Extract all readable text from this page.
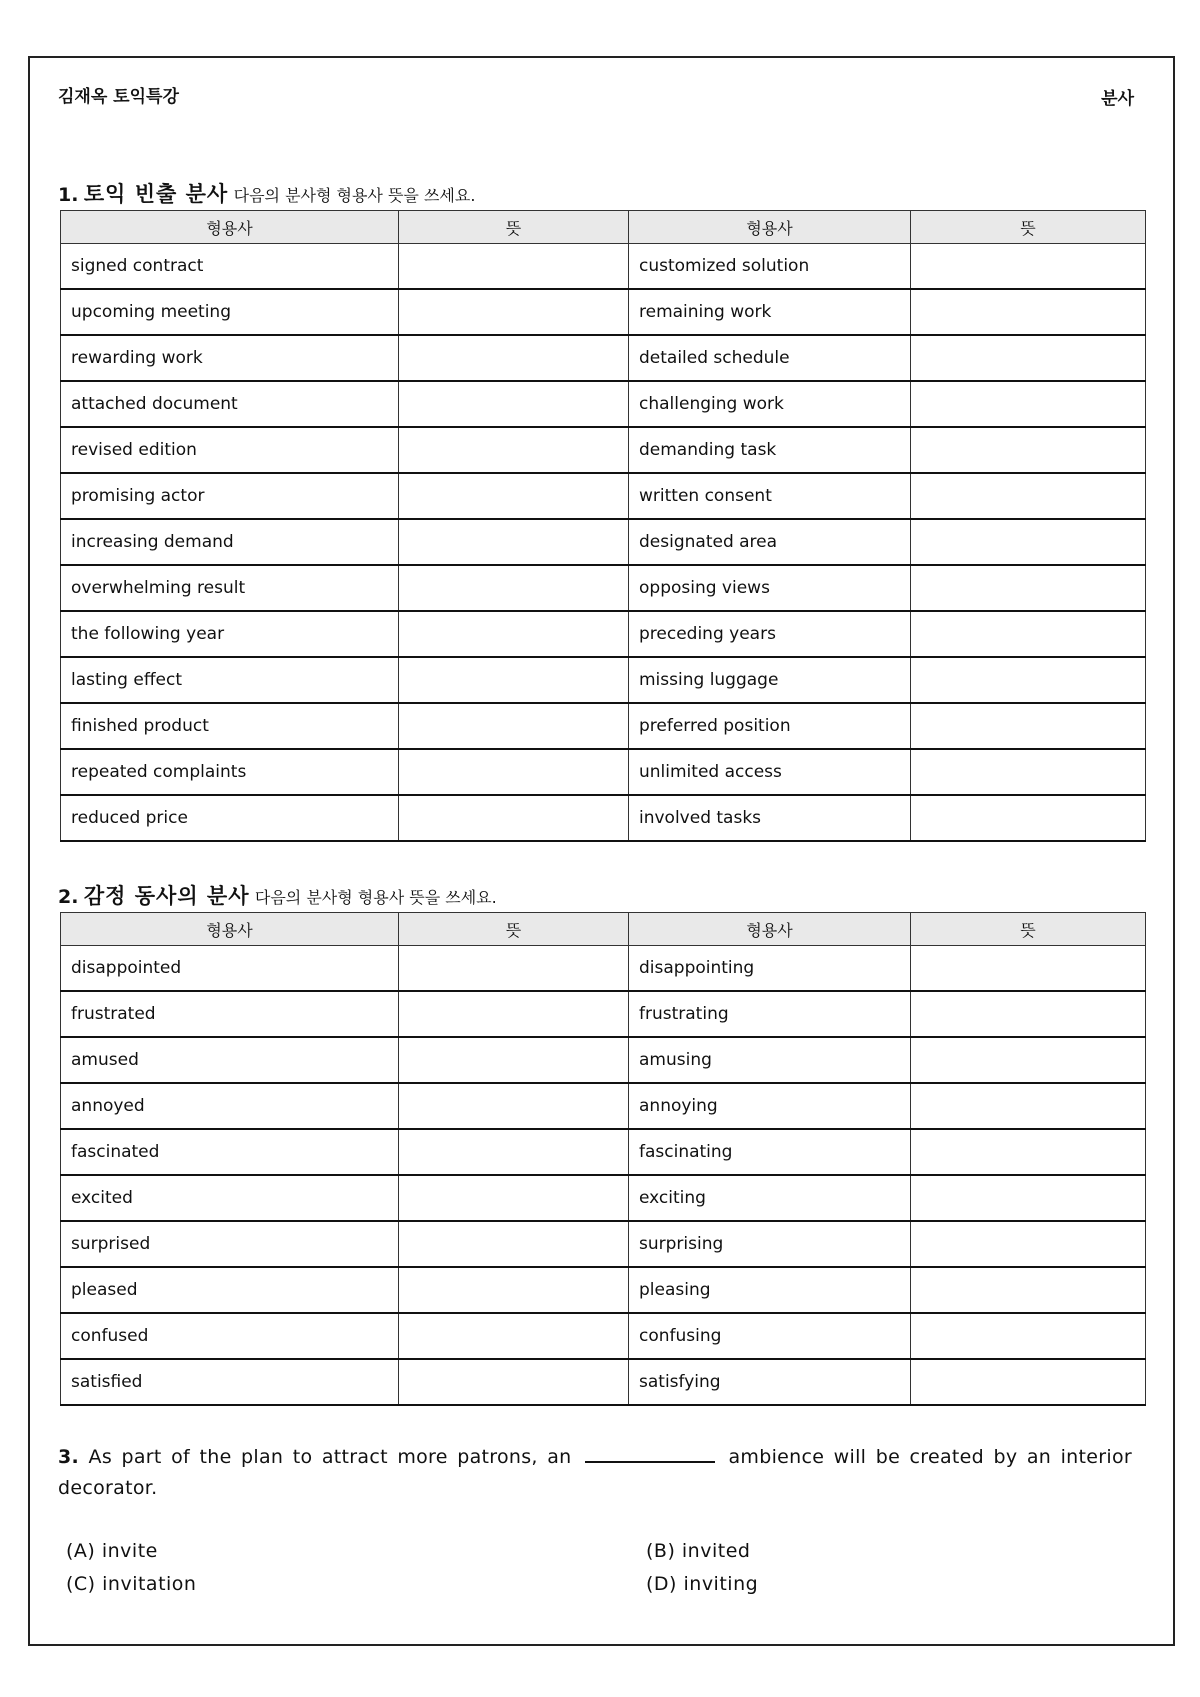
김재옥 토익특강	분사
1. 토익 빈출 분사 다음의 분사형 형용사 뜻을 쓰세요.
형용사	뜻	형용사	뜻
signed contract		customized solution	
upcoming meeting		remaining work	
rewarding work		detailed schedule	
attached document		challenging work	
revised edition		demanding task	
promising actor		written consent	
increasing demand		designated area	
overwhelming result		opposing views	
the following year		preceding years	
lasting effect		missing luggage	
finished product		preferred position	
repeated complaints		unlimited access	
reduced price		involved tasks	
2. 감정 동사의 분사 다음의 분사형 형용사 뜻을 쓰세요.
형용사	뜻	형용사	뜻
disappointed		disappointing	
frustrated		frustrating	
amused		amusing	
annoyed		annoying	
fascinated		fascinating	
excited		exciting	
surprised		surprising	
pleased		pleasing	
confused		confusing	
satisfied		satisfying	
3. As part of the plan to attract more patrons, an	ambience will be created by an interior decorator.
(A) invite	(B) invited
(C) invitation	(D) inviting
